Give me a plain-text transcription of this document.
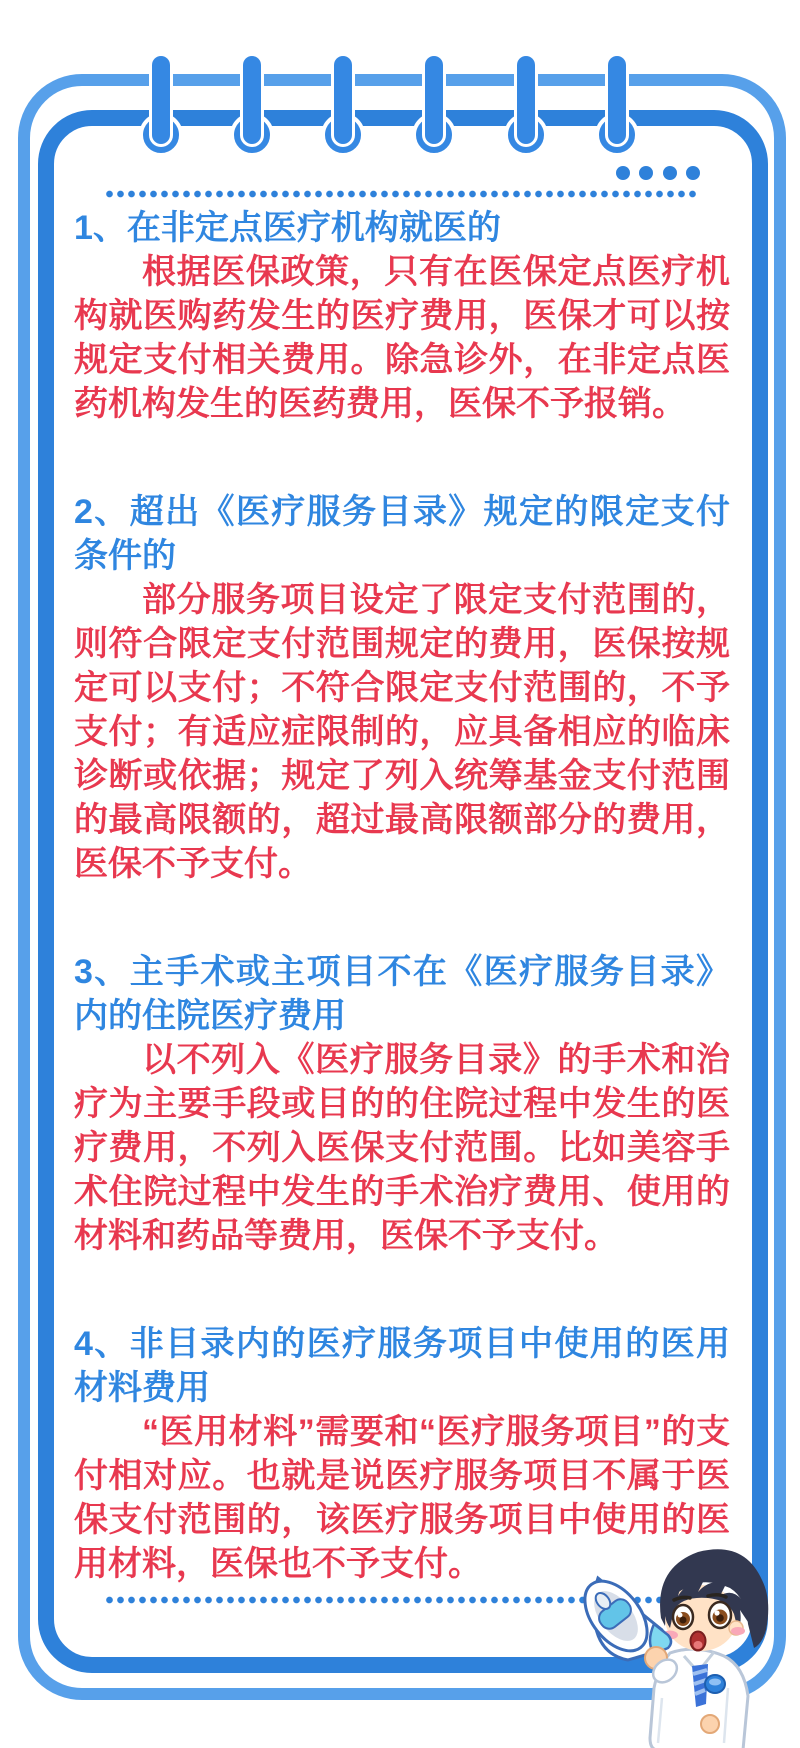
1、在非定点医疗机构就医的

根据医保政策，只有在医保定点医疗机构就医购药发生的医疗费用，医保才可以按规定支付相关费用。除急诊外，在非定点医药机构发生的医药费用，医保不予报销。

2、超出《医疗服务目录》规定的限定支付条件的

部分服务项目设定了限定支付范围的，则符合限定支付范围规定的费用，医保按规定可以支付；不符合限定支付范围的，不予支付；有适应症限制的，应具备相应的临床诊断或依据；规定了列入统筹基金支付范围的最高限额的，超过最高限额部分的费用，医保不予支付。

3、主手术或主项目不在《医疗服务目录》内的住院医疗费用

以不列入《医疗服务目录》的手术和治疗为主要手段或目的的住院过程中发生的医疗费用，不列入医保支付范围。比如美容手术住院过程中发生的手术治疗费用、使用的材料和药品等费用，医保不予支付。

4、非目录内的医疗服务项目中使用的医用材料费用

“医用材料”需要和“医疗服务项目”的支付相对应。也就是说医疗服务项目不属于医保支付范围的，该医疗服务项目中使用的医用材料，医保也不予支付。
